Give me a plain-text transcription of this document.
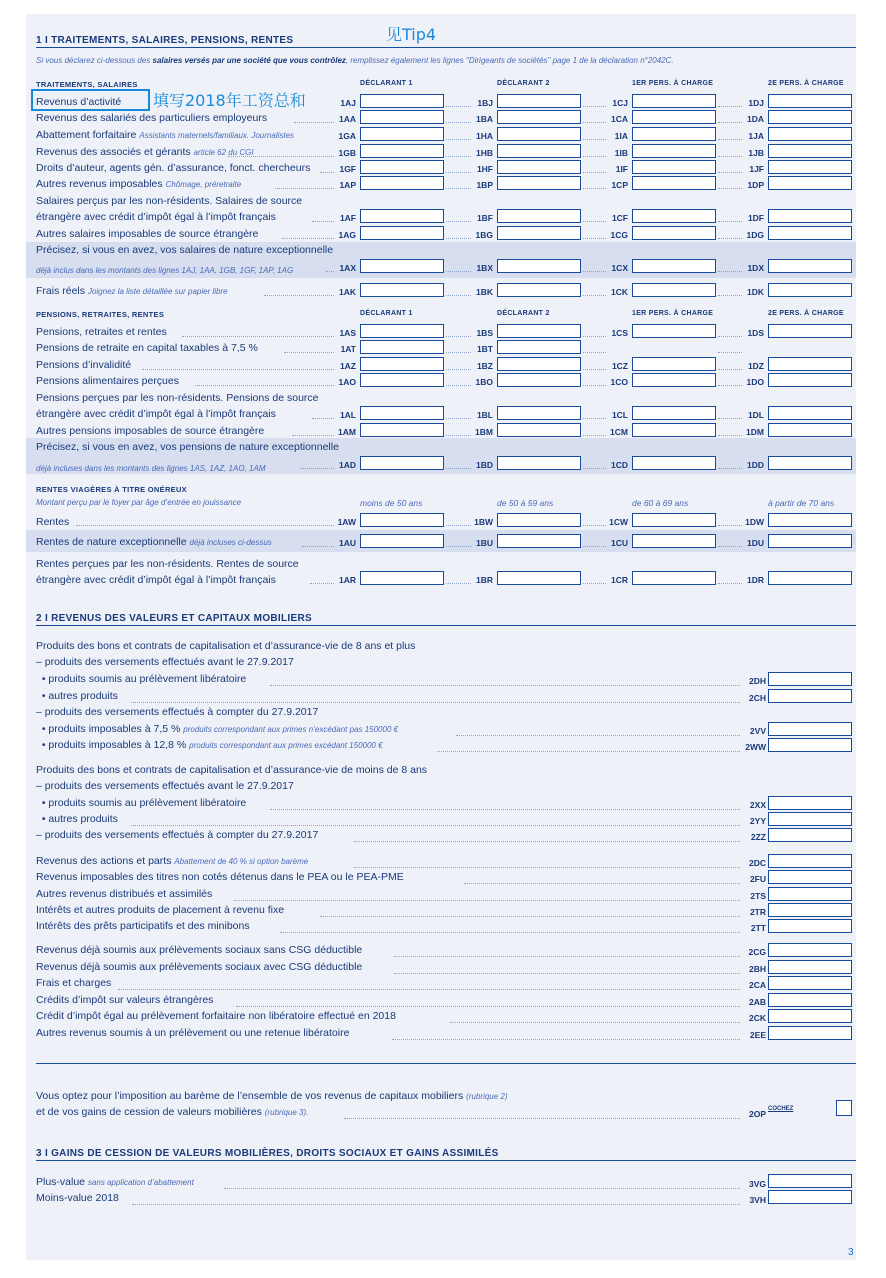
1 I TRAITEMENTS, SALAIRES, PENSIONS, RENTES
Si vous déclarez ci-dessous des salaires versés par une société que vous contrôlez, remplissez également les lignes "Dirigeants de sociétés" page 1 de la déclaration n°2042C.
TRAITEMENTS, SALAIRES	DÉCLARANT 1	DÉCLARANT 2	1ER PERS. À CHARGE	2E PERS. À CHARGE
填写2018年工资总和
Revenus d’activité	1AJ	1BJ	1CJ	1DJ
Revenus des salariés des particuliers employeurs	1AA	1BA	1CA	1DA
Abattement forfaitaire Assistants maternels/familiaux. Journalistes	1GA	1HA	1IA	1JA
Revenus des associés et gérants article 62 du CGI	1GB	1HB	1IB	1JB
Droits d’auteur, agents gén. d’assurance, fonct. chercheurs	1GF	1HF	1IF	1JF
Autres revenus imposables Chômage, préretraite	1AP	1BP	1CP	1DP
Salaires perçus par les non-résidents. Salaires de source
étrangère avec crédit d’impôt égal à l’impôt français	1AF	1BF	1CF	1DF
Autres salaires imposables de source étrangère	1AG	1BG	1CG	1DG
Précisez, si vous en avez, vos salaires de nature exceptionnelle
déjà inclus dans les montants des lignes 1AJ, 1AA, 1GB, 1GF, 1AP, 1AG	1AX	1BX	1CX	1DX
Frais réels Joignez la liste détaillée sur papier libre	1AK	1BK	1CK	1DK
PENSIONS, RETRAITES, RENTES	DÉCLARANT 1	DÉCLARANT 2	1ER PERS. À CHARGE	2E PERS. À CHARGE
Pensions, retraites et rentes	1AS	1BS	1CS	1DS
Pensions de retraite en capital taxables à 7,5 %	1AT	1BT
Pensions d’invalidité	1AZ	1BZ	1CZ	1DZ
Pensions alimentaires perçues	1AO	1BO	1CO	1DO
Pensions perçues par les non-résidents. Pensions de source
étrangère avec crédit d’impôt égal à l’impôt français	1AL	1BL	1CL	1DL
Autres pensions imposables de source étrangère	1AM	1BM	1CM	1DM
Précisez, si vous en avez, vos pensions de nature exceptionnelle
déjà incluses dans les montants des lignes 1AS, 1AZ, 1AO, 1AM	1AD	1BD	1CD	1DD
RENTES VIAGÈRES À TITRE ONÉREUX
Montant perçu par le foyer par âge d’entrée en jouissance	moins de 50 ans	de 50 à 59 ans	de 60 à 69 ans	à partir de 70 ans
Rentes	1AW	1BW	1CW	1DW
Rentes de nature exceptionnelle déjà incluses ci-dessus	1AU	1BU	1CU	1DU
Rentes perçues par les non-résidents. Rentes de source
étrangère avec crédit d’impôt égal à l’impôt français	1AR	1BR	1CR	1DR
2 I REVENUS DES VALEURS ET CAPITAUX MOBILIERS
Produits des bons et contrats de capitalisation et d’assurance-vie de 8 ans et plus
– produits des versements effectués avant le 27.9.2017
• produits soumis au prélèvement libératoire	2DH
• autres produits	2CH
– produits des versements effectués à compter du 27.9.2017
• produits imposables à 7,5 % produits correspondant aux primes n’excédant pas 150000 €	2VV
• produits imposables à 12,8 % produits correspondant aux primes excédant 150000 €	2WW
Produits des bons et contrats de capitalisation et d’assurance-vie de moins de 8 ans
– produits des versements effectués avant le 27.9.2017
• produits soumis au prélèvement libératoire	2XX
• autres produits	2YY
– produits des versements effectués à compter du 27.9.2017	2ZZ
Revenus des actions et parts Abattement de 40 % si option barème	2DC
Revenus imposables des titres non cotés détenus dans le PEA ou le PEA-PME	2FU
Autres revenus distribués et assimilés	2TS
Intérêts et autres produits de placement à revenu fixe	2TR
Intérêts des prêts participatifs et des minibons	2TT
Revenus déjà soumis aux prélèvements sociaux sans CSG déductible	2CG
Revenus déjà soumis aux prélèvements sociaux avec CSG déductible	2BH
Frais et charges	2CA
Crédits d’impôt sur valeurs étrangères	2AB
Crédit d’impôt égal au prélèvement forfaitaire non libératoire effectué en 2018	2CK
Autres revenus soumis à un prélèvement ou une retenue libératoire	2EE
Vous optez pour l’imposition au barème de l’ensemble de vos revenus de capitaux mobiliers (rubrique 2)
et de vos gains de cession de valeurs mobilières (rubrique 3).	2OP COCHEZ
3 I GAINS DE CESSION DE VALEURS MOBILIÈRES, DROITS SOCIAUX ET GAINS ASSIMILÉS
Plus-value sans application d’abattement	3VG
Moins-value 2018	3VH
见Tip4
3
